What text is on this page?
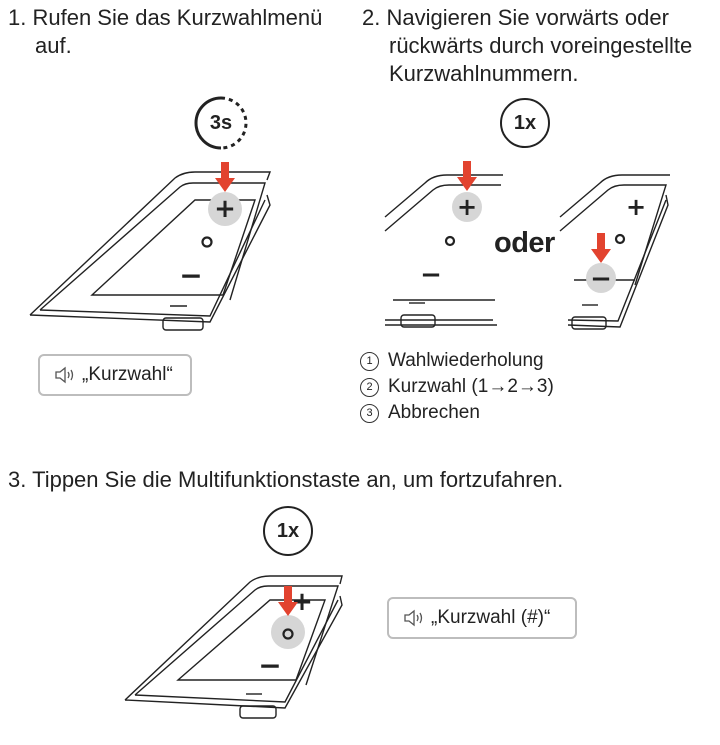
1. Rufen Sie das Kurzwahlmenü
auf.
2. Navigieren Sie vorwärts oder
rückwärts durch voreingestellte
Kurzwahlnummern.
3. Tippen Sie die Multifunktionstaste an, um fortzufahren.
3s
+
−
„Kurzwahl“
1x
+
−
oder
+
−
1 Wahlwiederholung
2 Kurzwahl (1→2→3)
3 Abbrechen
1x
+
−
„Kurzwahl (#)“
